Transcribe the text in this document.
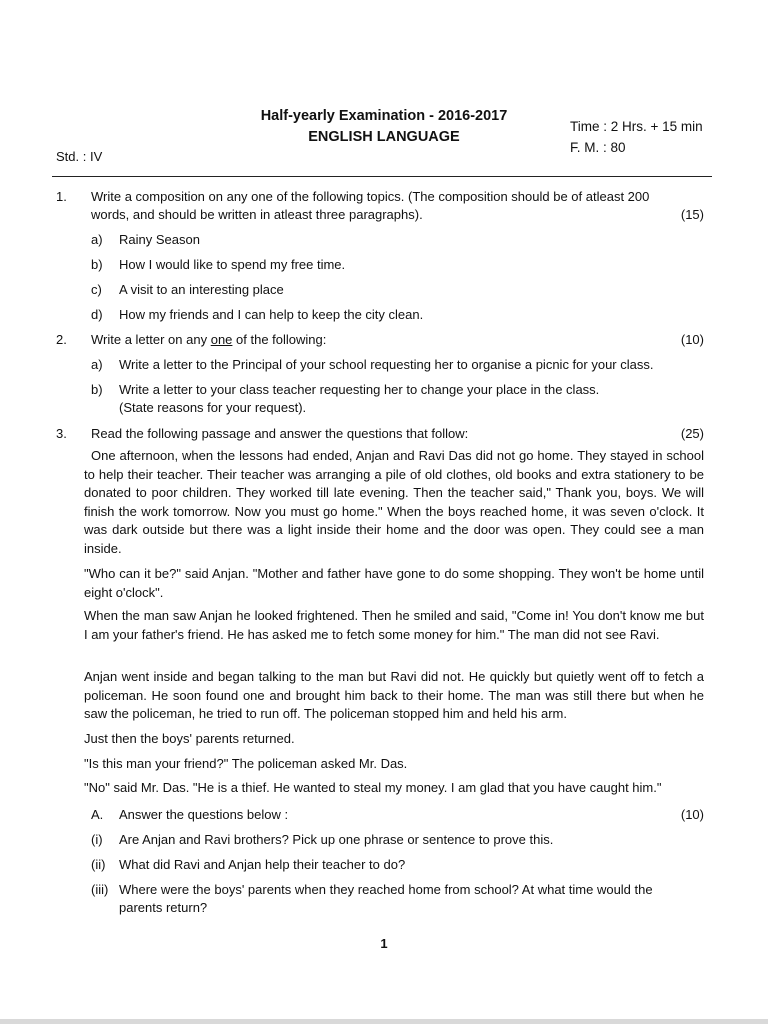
Half-yearly Examination - 2016-2017
ENGLISH LANGUAGE
Time : 2 Hrs. + 15 min
F. M. : 80
Std. : IV
1. Write a composition on any one of the following topics. (The composition should be of atleast 200
words, and should be written in atleast three paragraphs).	(15)
a) Rainy Season
b) How I would like to spend my free time.
c) A visit to an interesting place
d) How my friends and I can help to keep the city clean.
2. Write a letter on any one of the following:	(10)
a) Write a letter to the Principal of your school requesting her to organise a picnic for your class.
b) Write a letter to your class teacher requesting her to change your place in the class.
(State reasons for your request).
3. Read the following passage and answer the questions that follow:	(25)
One afternoon, when the lessons had ended, Anjan and Ravi Das did not go home. They stayed in school to help their teacher. Their teacher was arranging a pile of old clothes, old books and extra stationery to be donated to poor children. They worked till late evening. Then the teacher said," Thank you, boys. We will finish the work tomorrow. Now you must go home." When the boys reached home, it was seven o'clock. It was dark outside but there was a light inside their home and the door was open. They could see a man inside.
"Who can it be?" said Anjan. "Mother and father have gone to do some shopping. They won't be home until eight o'clock".
When the man saw Anjan he looked frightened. Then he smiled and said, "Come in! You don't know me but I am your father's friend. He has asked me to fetch some money for him." The man did not see Ravi.
Anjan went inside and began talking to the man but Ravi did not. He quickly but quietly went off to fetch a policeman. He soon found one and brought him back to their home. The man was still there but when he saw the policeman, he tried to run off. The policeman stopped him and held his arm.
Just then the boys' parents returned.
"Is this man your friend?" The policeman asked Mr. Das.
"No" said Mr. Das. "He is a thief. He wanted to steal my money. I am glad that you have caught him."
A. Answer the questions below :	(10)
(i) Are Anjan and Ravi brothers? Pick up one phrase or sentence to prove this.
(ii) What did Ravi and Anjan help their teacher to do?
(iii) Where were the boys' parents when they reached home from school? At what time would the
parents return?
1
